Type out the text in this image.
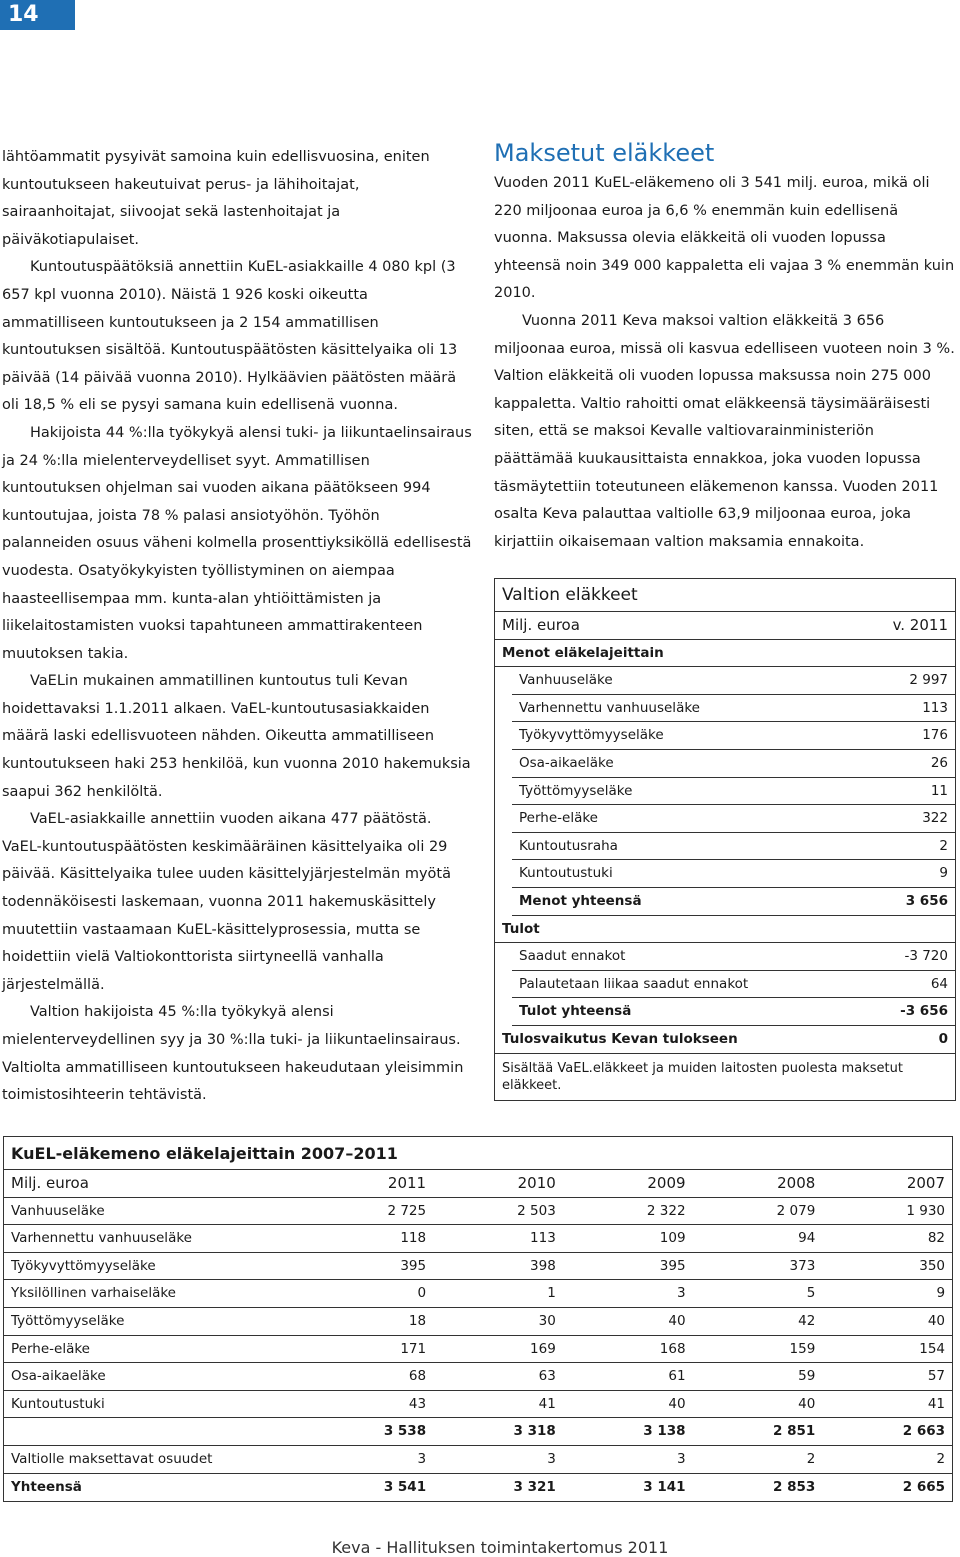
14

lähtöammatit pysyivät samoina kuin edellisvuosina, eniten kuntoutukseen hakeutuivat perus- ja lähihoitajat, sairaanhoitajat, siivoojat sekä lastenhoitajat ja päiväkotiapulaiset.

Kuntoutuspäätöksiä annettiin KuEL-asiakkaille 4 080 kpl (3 657 kpl vuonna 2010). Näistä 1 926 koski oikeutta ammatilliseen kuntoutukseen ja 2 154 ammatillisen kuntoutuksen sisältöä. Kuntoutuspäätösten käsittelyaika oli 13 päivää (14 päivää vuonna 2010). Hylkäävien päätösten määrä oli 18,5 % eli se pysyi samana kuin edellisenä vuonna.

Hakijoista 44 %:lla työkykyä alensi tuki- ja liikuntaelinsairaus ja 24 %:lla mielenterveydelliset syyt. Ammatillisen kuntoutuksen ohjelman sai vuoden aikana päätökseen 994 kuntoutujaa, joista 78 % palasi ansiotyöhön. Työhön palanneiden osuus väheni kolmella prosenttiyksiköllä edellisestä vuodesta. Osatyökykyisten työllistyminen on aiempaa haasteellisempaa mm. kunta-alan yhtiöittämisten ja liikelaitostamisten vuoksi tapahtuneen ammattirakenteen muutoksen takia.

VaELin mukainen ammatillinen kuntoutus tuli Kevan hoidettavaksi 1.1.2011 alkaen. VaEL-kuntoutusasiakkaiden määrä laski edellisvuoteen nähden. Oikeutta ammatilliseen kuntoutukseen haki 253 henkilöä, kun vuonna 2010 hakemuksia saapui 362 henkilöltä.

VaEL-asiakkaille annettiin vuoden aikana 477 päätöstä. VaEL-kuntoutuspäätösten keskimääräinen käsittelyaika oli 29 päivää. Käsittelyaika tulee uuden käsittelyjärjestelmän myötä todennäköisesti laskemaan, vuonna 2011 hakemuskäsittely muutettiin vastaamaan KuEL-käsittelyprosessia, mutta se hoidettiin vielä Valtiokonttorista siirtyneellä vanhalla järjestelmällä.

Valtion hakijoista 45 %:lla työkykyä alensi mielenterveydellinen syy ja 30 %:lla tuki- ja liikuntaelinsairaus. Valtiolta ammatilliseen kuntoutukseen hakeudutaan yleisimmin toimistosihteerin tehtävistä.

Maksetut eläkkeet

Vuoden 2011 KuEL-eläkemeno oli 3 541 milj. euroa, mikä oli 220 miljoonaa euroa ja 6,6 % enemmän kuin edellisenä vuonna. Maksussa olevia eläkkeitä oli vuoden lopussa yhteensä noin 349 000 kappaletta eli vajaa 3 % enemmän kuin 2010.

Vuonna 2011 Keva maksoi valtion eläkkeitä 3 656 miljoonaa euroa, missä oli kasvua edelliseen vuoteen noin 3 %. Valtion eläkkeitä oli vuoden lopussa maksussa noin 275 000 kappaletta. Valtio rahoitti omat eläkkeensä täysimääräisesti siten, että se maksoi Kevalle valtiovarainministeriön päättämää kuukausittaista ennakkoa, joka vuoden lopussa täsmäytettiin toteutuneen eläkemenon kanssa. Vuoden 2011 osalta Keva palauttaa valtiolle 63,9 miljoonaa euroa, joka kirjattiin oikaisemaan valtion maksamia ennakoita.

Valtion eläkkeet
Milj. euroa	v. 2011
Menot eläkelajeittain
Vanhuuseläke	2 997
Varhennettu vanhuuseläke	113
Työkyvyttömyyseläke	176
Osa-aikaeläke	26
Työttömyyseläke	11
Perhe-eläke	322
Kuntoutusraha	2
Kuntoutustuki	9
Menot yhteensä	3 656
Tulot
Saadut ennakot	-3 720
Palautetaan liikaa saadut ennakot	64
Tulot yhteensä	-3 656
Tulosvaikutus Kevan tulokseen	0
Sisältää VaEL.eläkkeet ja muiden laitosten puolesta maksetut eläkkeet.
KuEL-eläkemeno eläkelajeittain 2007–2011
Milj. euroa	2011	2010	2009	2008	2007
Vanhuuseläke	2 725	2 503	2 322	2 079	1 930
Varhennettu vanhuuseläke	118	113	109	94	82
Työkyvyttömyyseläke	395	398	395	373	350
Yksilöllinen varhaiseläke	0	1	3	5	9
Työttömyyseläke	18	30	40	42	40
Perhe-eläke	171	169	168	159	154
Osa-aikaeläke	68	63	61	59	57
Kuntoutustuki	43	41	40	40	41
3 538	3 318	3 138	2 851	2 663
Valtiolle maksettavat osuudet	3	3	3	2	2
Yhteensä	3 541	3 321	3 141	2 853	2 665
Keva - Hallituksen toimintakertomus 2011
